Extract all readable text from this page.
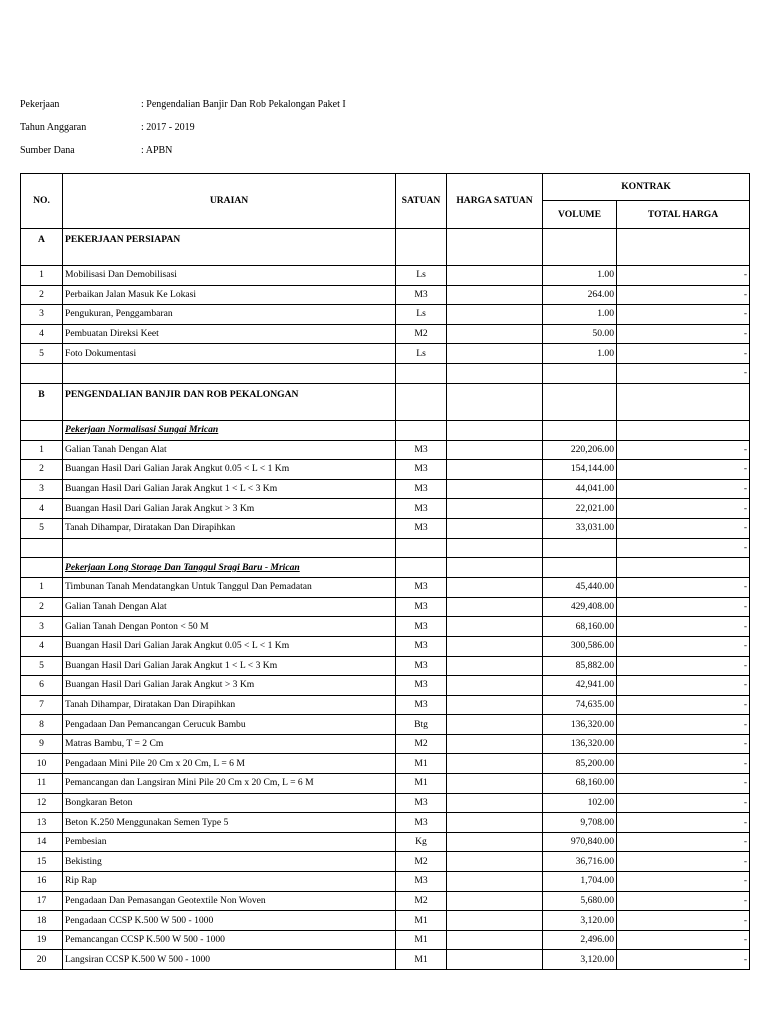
Pekerjaan	: Pengendalian Banjir Dan Rob Pekalongan Paket I
Tahun Anggaran	: 2017 - 2019
Sumber Dana	: APBN
NO.	URAIAN	SATUAN	HARGA SATUAN	KONTRAK	
				VOLUME	TOTAL HARGA
A	PEKERJAAN PERSIAPAN				
1	Mobilisasi Dan Demobilisasi	Ls		1.00	-
2	Perbaikan Jalan Masuk Ke Lokasi	M3		264.00	-
3	Pengukuran, Penggambaran	Ls		1.00	-
4	Pembuatan Direksi Keet	M2		50.00	-
5	Foto Dokumentasi	Ls		1.00	-
					-
B	PENGENDALIAN BANJIR DAN ROB PEKALONGAN				
	Pekerjaan Normalisasi Sungai Mrican				
1	Galian Tanah Dengan Alat	M3		220,206.00	-
2	Buangan Hasil Dari Galian Jarak Angkut 0.05 < L < 1 Km	M3		154,144.00	-
3	Buangan Hasil Dari Galian Jarak Angkut 1 < L < 3 Km	M3		44,041.00	-
4	Buangan Hasil Dari Galian Jarak Angkut > 3 Km	M3		22,021.00	-
5	Tanah Dihampar, Diratakan Dan Dirapihkan	M3		33,031.00	-
					-
	Pekerjaan Long Storage Dan Tanggul Sragi Baru - Mrican				
1	Timbunan Tanah Mendatangkan Untuk Tanggul Dan Pemadatan	M3		45,440.00	-
2	Galian Tanah Dengan Alat	M3		429,408.00	-
3	Galian Tanah Dengan Ponton < 50 M	M3		68,160.00	-
4	Buangan Hasil Dari Galian Jarak Angkut 0.05 < L < 1 Km	M3		300,586.00	-
5	Buangan Hasil Dari Galian Jarak Angkut 1 < L < 3 Km	M3		85,882.00	-
6	Buangan Hasil Dari Galian Jarak Angkut > 3 Km	M3		42,941.00	-
7	Tanah Dihampar, Diratakan Dan Dirapihkan	M3		74,635.00	-
8	Pengadaan Dan Pemancangan Cerucuk Bambu	Btg		136,320.00	-
9	Matras Bambu, T = 2 Cm	M2		136,320.00	-
10	Pengadaan Mini Pile 20 Cm x 20 Cm, L = 6 M	M1		85,200.00	-
11	Pemancangan dan Langsiran Mini Pile 20 Cm x 20 Cm, L = 6 M	M1		68,160.00	-
12	Bongkaran Beton	M3		102.00	-
13	Beton K.250 Menggunakan Semen Type 5	M3		9,708.00	-
14	Pembesian	Kg		970,840.00	-
15	Bekisting	M2		36,716.00	-
16	Rip Rap	M3		1,704.00	-
17	Pengadaan Dan Pemasangan Geotextile Non Woven	M2		5,680.00	-
18	Pengadaan CCSP K.500 W 500 - 1000	M1		3,120.00	-
19	Pemancangan CCSP K.500 W 500 - 1000	M1		2,496.00	-
20	Langsiran CCSP K.500 W 500 - 1000	M1		3,120.00	-
